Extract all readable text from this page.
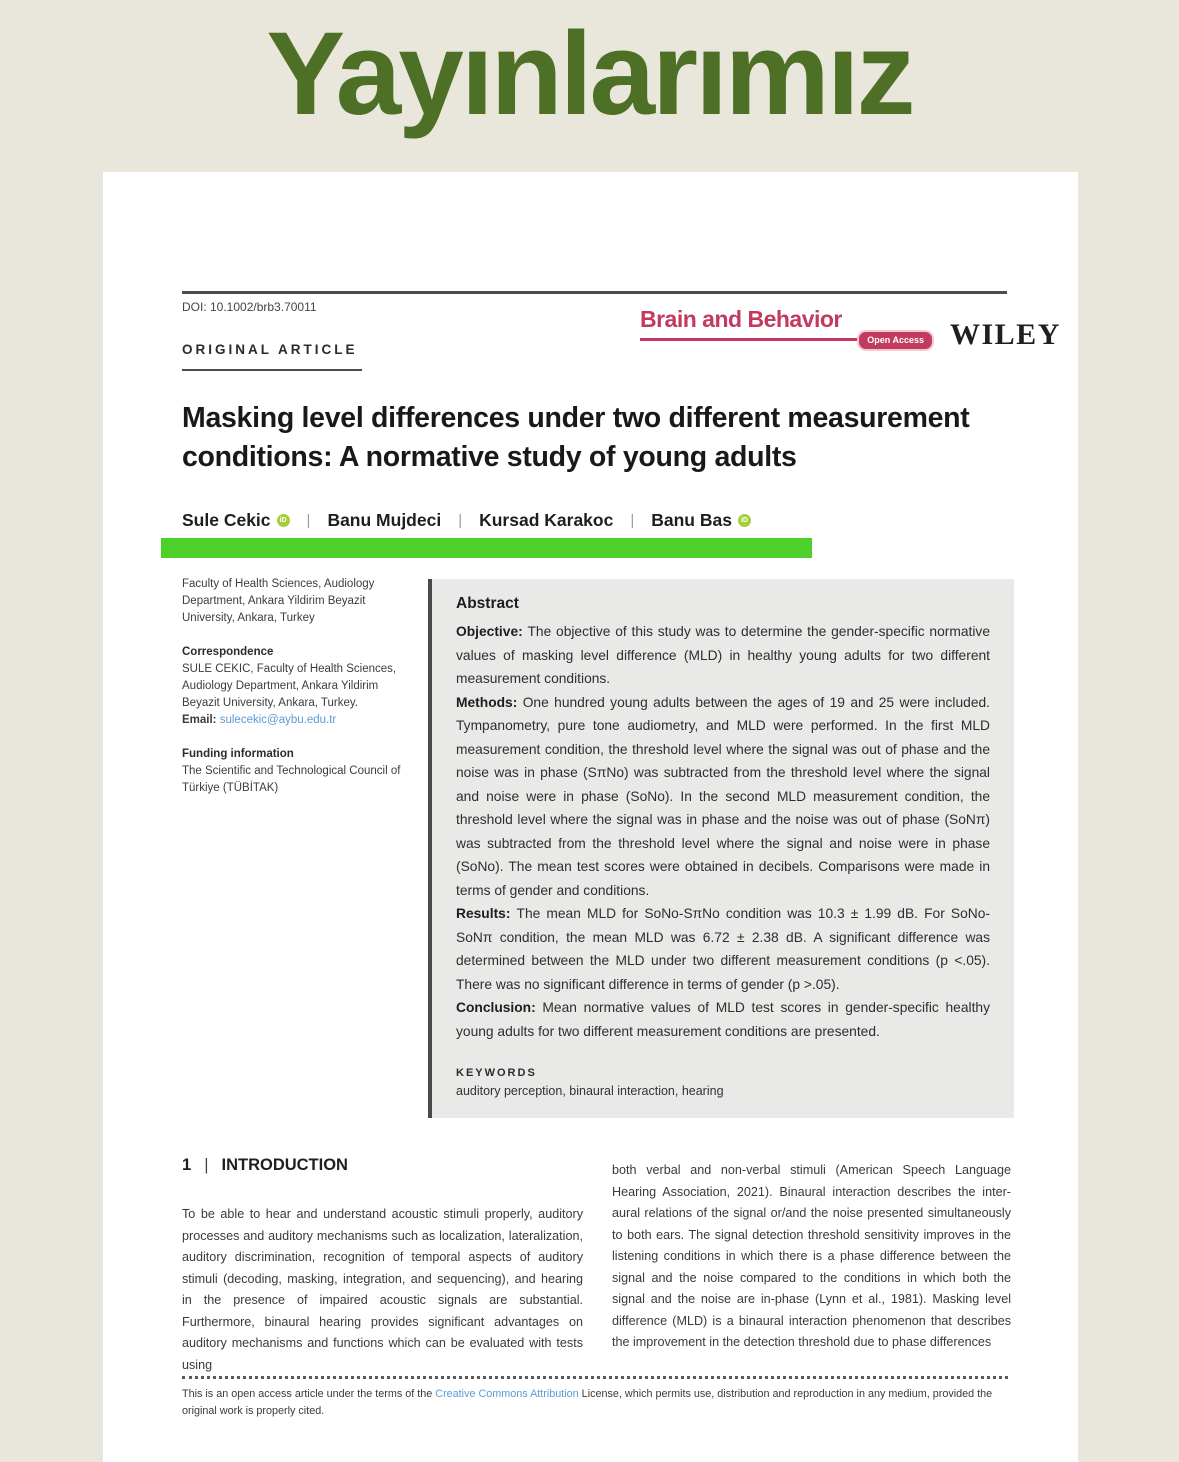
Yayınlarımız
DOI: 10.1002/brb3.70011	Brain and Behavior
Open Access WILEY
ORIGINAL ARTICLE
Masking level differences under two different measurement conditions: A normative study of young adults
Sule Cekic	iD | Banu Mujdeci | Kursad Karakoc | Banu Bas	iD
Faculty of Health Sciences, Audiology Department, Ankara Yildirim Beyazit University, Ankara, Turkey
Correspondence
SULE CEKIC, Faculty of Health Sciences, Audiology Department, Ankara Yildirim Beyazit University, Ankara, Turkey.
Email: sulecekic@aybu.edu.tr
Funding information
The Scientific and Technological Council of Türkiye (TÜBİTAK)
Abstract

Objective: The objective of this study was to determine the gender-specific normative values of masking level difference (MLD) in healthy young adults for two different measurement conditions.

Methods: One hundred young adults between the ages of 19 and 25 were included. Tympanometry, pure tone audiometry, and MLD were performed. In the first MLD measurement condition, the threshold level where the signal was out of phase and the noise was in phase (SπNo) was subtracted from the threshold level where the signal and noise were in phase (SoNo). In the second MLD measurement condition, the threshold level where the signal was in phase and the noise was out of phase (SoNπ) was subtracted from the threshold level where the signal and noise were in phase (SoNo). The mean test scores were obtained in decibels. Comparisons were made in terms of gender and conditions.

Results: The mean MLD for SoNo-SπNo condition was 10.3 ± 1.99 dB. For SoNo-SoNπ condition, the mean MLD was 6.72 ± 2.38 dB. A significant difference was determined between the MLD under two different measurement conditions (p <.05). There was no significant difference in terms of gender (p >.05).

Conclusion: Mean normative values of MLD test scores in gender-specific healthy young adults for two different measurement conditions are presented.

KEYWORDS
auditory perception, binaural interaction, hearing
1 | INTRODUCTION

To be able to hear and understand acoustic stimuli properly, auditory processes and auditory mechanisms such as localization, lateralization, auditory discrimination, recognition of temporal aspects of auditory stimuli (decoding, masking, integration, and sequencing), and hearing in the presence of impaired acoustic signals are substantial. Furthermore, binaural hearing provides significant advantages on auditory mechanisms and functions which can be evaluated with tests using

both verbal and non-verbal stimuli (American Speech Language Hearing Association, 2021). Binaural interaction describes the inter-aural relations of the signal or/and the noise presented simultaneously to both ears. The signal detection threshold sensitivity improves in the listening conditions in which there is a phase difference between the signal and the noise compared to the conditions in which both the signal and the noise are in-phase (Lynn et al., 1981). Masking level difference (MLD) is a binaural interaction phenomenon that describes the improvement in the detection threshold due to phase differences

This is an open access article under the terms of the Creative Commons Attribution License, which permits use, distribution and reproduction in any medium, provided the original work is properly cited.
